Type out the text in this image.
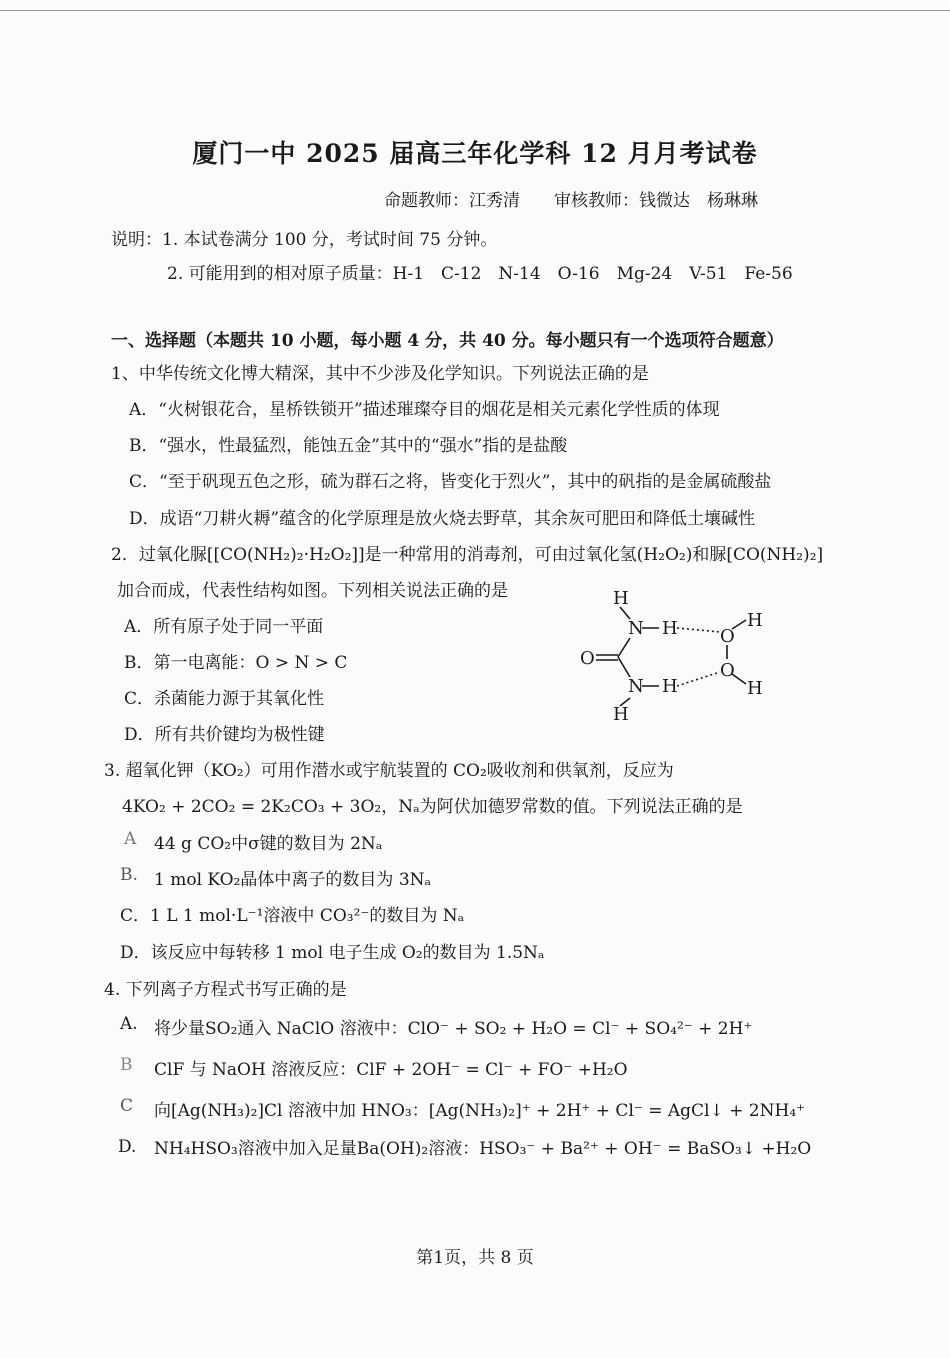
厦门一中 2025 届高三年化学科 12 月月考试卷
命题教师：江秀清 审核教师：钱微达　杨琳琳
说明：1. 本试卷满分 100 分，考试时间 75 分钟。
2. 可能用到的相对原子质量：H-1　C-12　N-14　O-16　Mg-24　V-51　Fe-56
一、选择题（本题共 10 小题，每小题 4 分，共 40 分。每小题只有一个选项符合题意）
1、中华传统文化博大精深，其中不少涉及化学知识。下列说法正确的是
A．“火树银花合，星桥铁锁开”描述璀璨夺目的烟花是相关元素化学性质的体现
B．“强水，性最猛烈，能蚀五金”其中的“强水”指的是盐酸
C．“至于矾现五色之形，硫为群石之将，皆变化于烈火”，其中的矾指的是金属硫酸盐
D．成语“刀耕火耨”蕴含的化学原理是放火烧去野草，其余灰可肥田和降低土壤碱性
2．过氧化脲[[CO(NH₂)₂·H₂O₂]]是一种常用的消毒剂，可由过氧化氢(H₂O₂)和脲[CO(NH₂)₂]
加合而成，代表性结构如图。下列相关说法正确的是
A．所有原子处于同一平面
B．第一电离能：O > N > C
C．杀菌能力源于其氧化性
D．所有共价键均为极性键
H
N H O
H
O
O
N H	H
H
3. 超氧化钾（KO₂）可用作潜水或宇航装置的 CO₂吸收剂和供氧剂，反应为
4KO₂ + 2CO₂ = 2K₂CO₃ + 3O₂，Nₐ为阿伏加德罗常数的值。下列说法正确的是
A 44 g CO₂中σ键的数目为 2Nₐ
B. 1 mol KO₂晶体中离子的数目为 3Nₐ
C．1 L 1 mol·L⁻¹溶液中 CO₃²⁻的数目为 Nₐ
D．该反应中每转移 1 mol 电子生成 O₂的数目为 1.5Nₐ
4. 下列离子方程式书写正确的是
A. 将少量SO₂通入 NaClO 溶液中：ClO⁻ + SO₂ + H₂O = Cl⁻ + SO₄²⁻ + 2H⁺
B ClF 与 NaOH 溶液反应：ClF + 2OH⁻ = Cl⁻ + FO⁻ +H₂O
C 向[Ag(NH₃)₂]Cl 溶液中加 HNO₃：[Ag(NH₃)₂]⁺ + 2H⁺ + Cl⁻ = AgCl↓ + 2NH₄⁺
D. NH₄HSO₃溶液中加入足量Ba(OH)₂溶液：HSO₃⁻ + Ba²⁺ + OH⁻ = BaSO₃↓ +H₂O
第1页，共 8 页
